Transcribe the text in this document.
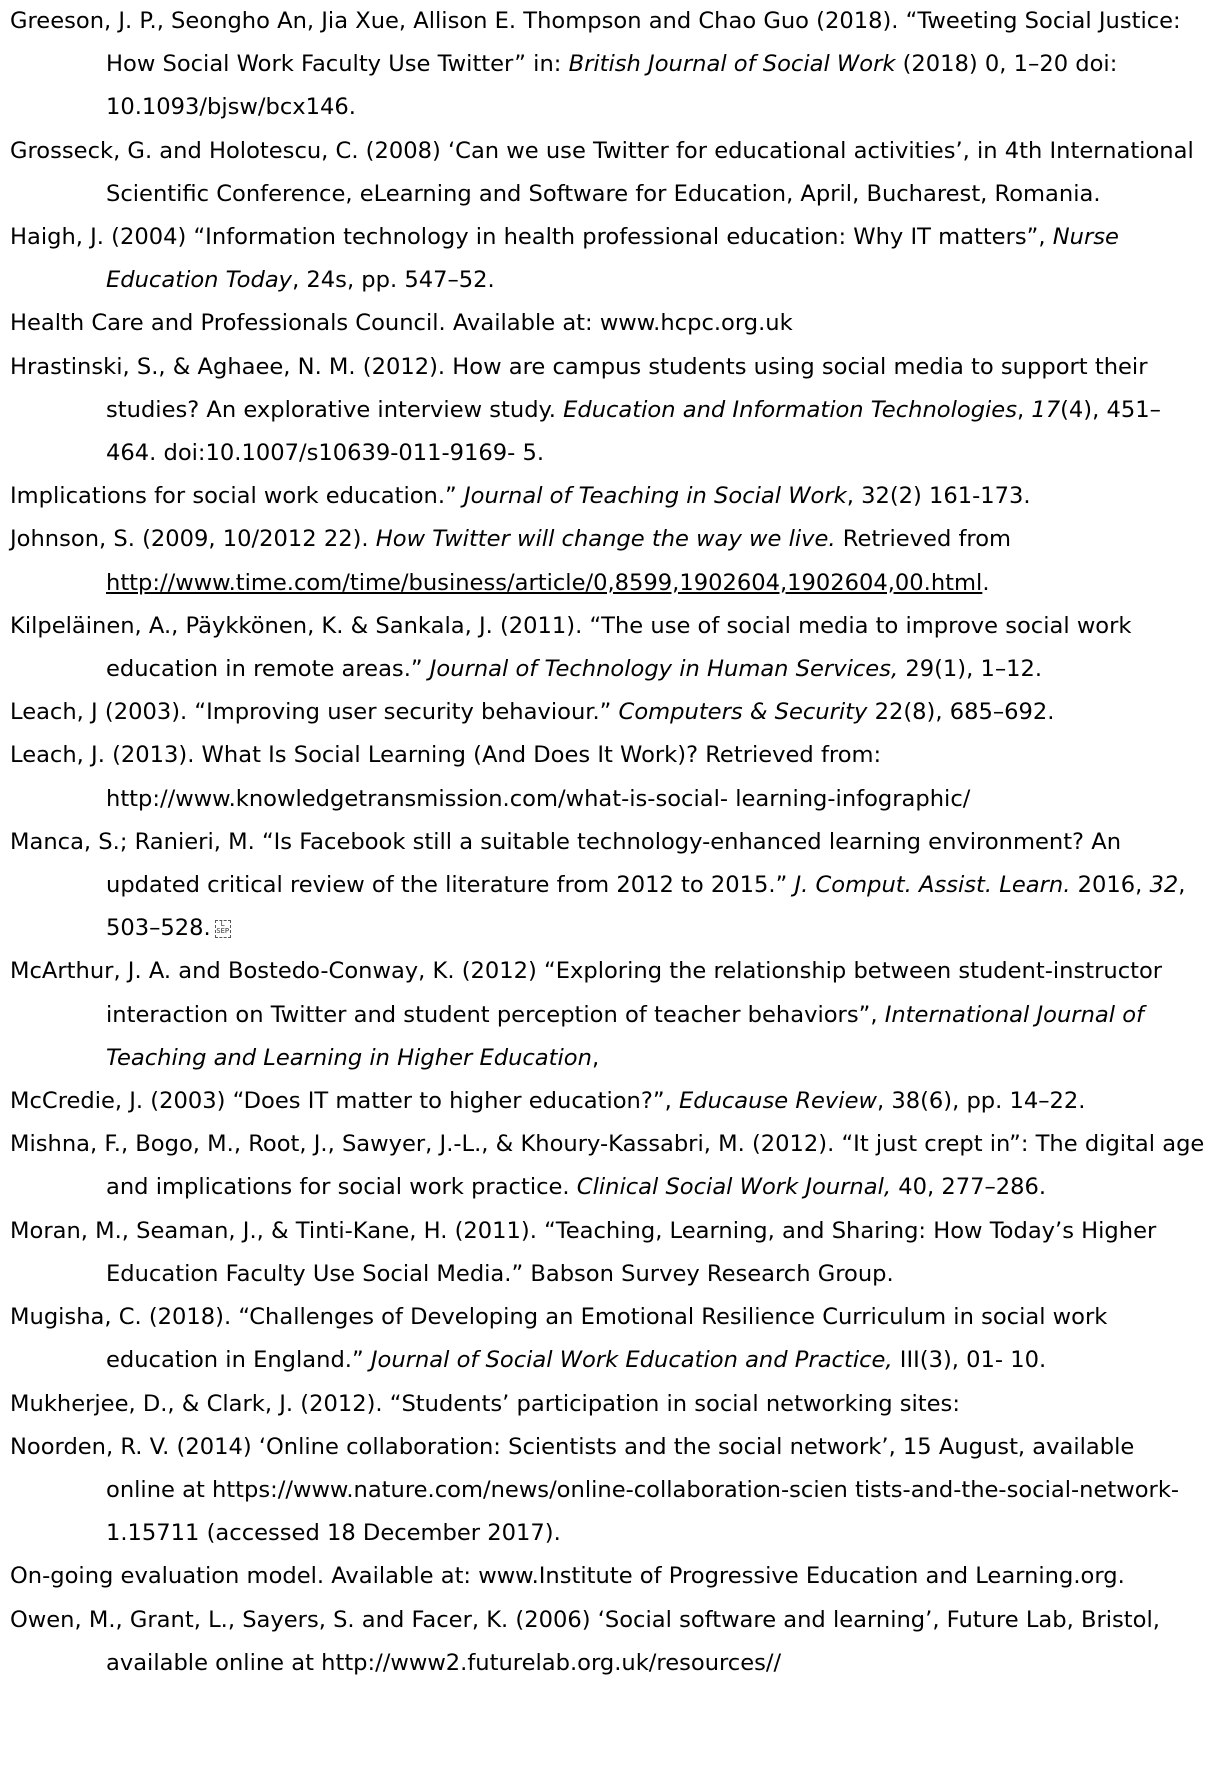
Greeson, J. P., Seongho An, Jia Xue, Allison E. Thompson and Chao Guo (2018). “Tweeting Social Justice: How Social Work Faculty Use Twitter” in: British Journal of Social Work (2018) 0, 1–20 doi: 10.1093/bjsw/bcx146.

Grosseck, G. and Holotescu, C. (2008) ‘Can we use Twitter for educational activities’, in 4th International Scientific Conference, eLearning and Software for Education, April, Bucharest, Romania.

Haigh, J. (2004) “Information technology in health professional education: Why IT matters”, Nurse Education Today, 24s, pp. 547–52.

Health Care and Professionals Council. Available at: www.hcpc.org.uk

Hrastinski, S., & Aghaee, N. M. (2012). How are campus students using social media to support their studies? An explorative interview study. Education and Information Technologies, 17(4), 451–464. doi:10.1007/s10639-011-9169- 5.

Implications for social work education.” Journal of Teaching in Social Work, 32(2) 161-173.

Johnson, S. (2009, 10/2012 22). How Twitter will change the way we live. Retrieved from http://www.time.com/time/business/article/0,8599,1902604,1902604,00.html.

Kilpeläinen, A., Päykkönen, K. & Sankala, J. (2011). “The use of social media to improve social work education in remote areas.” Journal of Technology in Human Services, 29(1), 1–12.

Leach, J (2003). “Improving user security behaviour.” Computers & Security 22(8), 685–692.

Leach, J. (2013). What Is Social Learning (And Does It Work)? Retrieved from: http://www.knowledgetransmission.com/what-is-social- learning-infographic/

Manca, S.; Ranieri, M. “Is Facebook still a suitable technology-enhanced learning environment? An updated critical review of the literature from 2012 to 2015.” J. Comput. Assist. Learn. 2016, 32, 503–528. L SEP

McArthur, J. A. and Bostedo-Conway, K. (2012) “Exploring the relationship between student-instructor interaction on Twitter and student perception of teacher behaviors”, International Journal of Teaching and Learning in Higher Education,

McCredie, J. (2003) “Does IT matter to higher education?”, Educause Review, 38(6), pp. 14–22.

Mishna, F., Bogo, M., Root, J., Sawyer, J.-L., & Khoury-Kassabri, M. (2012). “It just crept in”: The digital age and implications for social work practice. Clinical Social Work Journal, 40, 277–286.

Moran, M., Seaman, J., & Tinti-Kane, H. (2011). “Teaching, Learning, and Sharing: How Today’s Higher Education Faculty Use Social Media.” Babson Survey Research Group.

Mugisha, C. (2018). “Challenges of Developing an Emotional Resilience Curriculum in social work education in England.” Journal of Social Work Education and Practice, III(3), 01- 10.

Mukherjee, D., & Clark, J. (2012). “Students’ participation in social networking sites:

Noorden, R. V. (2014) ‘Online collaboration: Scientists and the social network’, 15 August, available online at https://www.nature.com/news/online-collaboration-scien tists-and-the-social-network-1.15711 (accessed 18 December 2017).

On-going evaluation model. Available at: www.Institute of Progressive Education and Learning.org.

Owen, M., Grant, L., Sayers, S. and Facer, K. (2006) ‘Social software and learning’, Future Lab, Bristol, available online at http://www2.futurelab.org.uk/resources//
